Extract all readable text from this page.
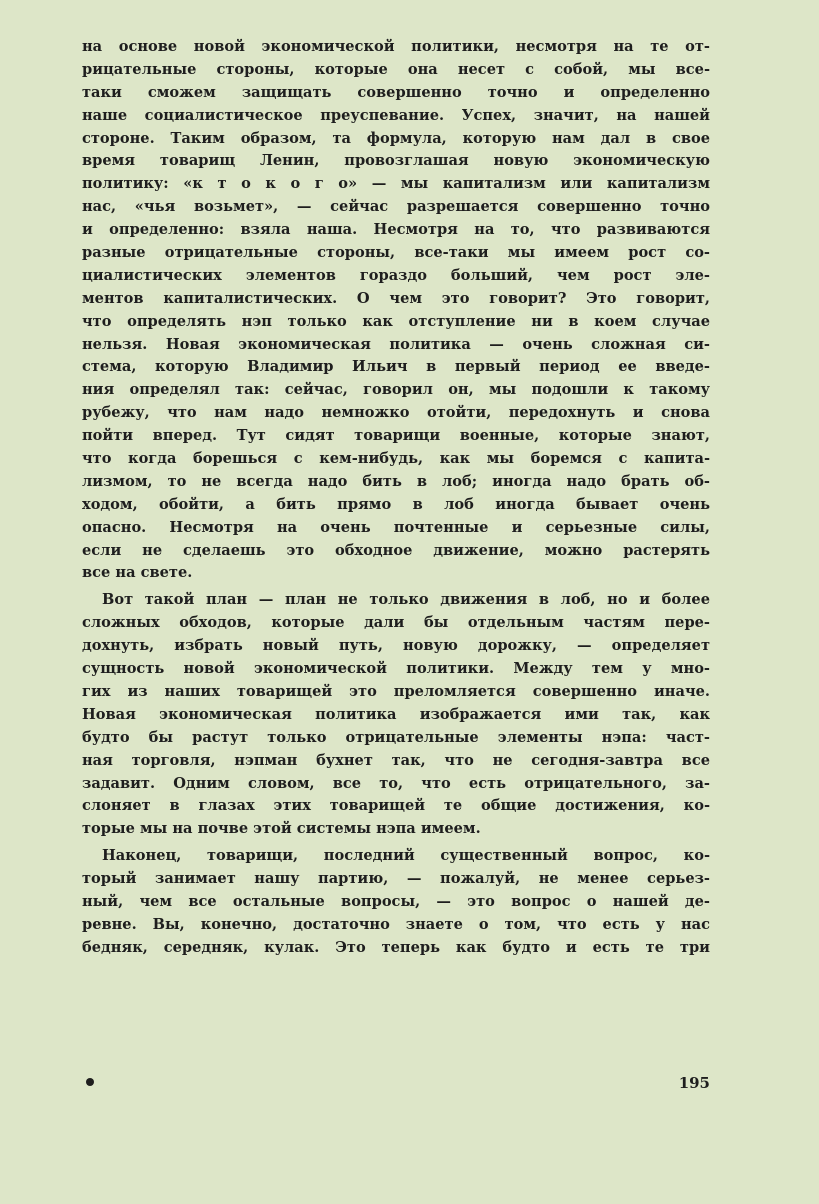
на основе новой экономической политики, несмотря на те от-
рицательные стороны, которые она несет с собой, мы все-
таки сможем защищать совершенно точно и определенно
наше социалистическое преуспевание. Успех, значит, на нашей
стороне. Таким образом, та формула, которую нам дал в свое
время товарищ Ленин, провозглашая новую экономическую
политику: «к т о к о г о» — мы капитализм или капитализм
нас, «чья возьмет», — сейчас разрешается совершенно точно
и определенно: взяла наша. Несмотря на то, что развиваются
разные отрицательные стороны, все-таки мы имеем рост со-
циалистических элементов гораздо больший, чем рост эле-
ментов капиталистических. О чем это говорит? Это говорит,
что определять нэп только как отступление ни в коем случае
нельзя. Новая экономическая политика — очень сложная си-
стема, которую Владимир Ильич в первый период ее введе-
ния определял так: сейчас, говорил он, мы подошли к такому
рубежу, что нам надо немножко отойти, передохнуть и снова
пойти вперед. Тут сидят товарищи военные, которые знают,
что когда борешься с кем-нибудь, как мы боремся с капита-
лизмом, то не всегда надо бить в лоб; иногда надо брать об-
ходом, обойти, а бить прямо в лоб иногда бывает очень
опасно. Несмотря на очень почтенные и серьезные силы,
если не сделаешь это обходное движение, можно растерять
все на свете.
Вот такой план — план не только движения в лоб, но и более
сложных обходов, которые дали бы отдельным частям пере-
дохнуть, избрать новый путь, новую дорожку, — определяет
сущность новой экономической политики. Между тем у мно-
гих из наших товарищей это преломляется совершенно иначе.
Новая экономическая политика изображается ими так, как
будто бы растут только отрицательные элементы нэпа: част-
ная торговля, нэпман бухнет так, что не сегодня-завтра все
задавит. Одним словом, все то, что есть отрицательного, за-
слоняет в глазах этих товарищей те общие достижения, ко-
торые мы на почве этой системы нэпа имеем.
Наконец, товарищи, последний существенный вопрос, ко-
торый занимает нашу партию, — пожалуй, не менее серьез-
ный, чем все остальные вопросы, — это вопрос о нашей де-
ревне. Вы, конечно, достаточно знаете о том, что есть у нас
бедняк, середняк, кулак. Это теперь как будто и есть те три
195
